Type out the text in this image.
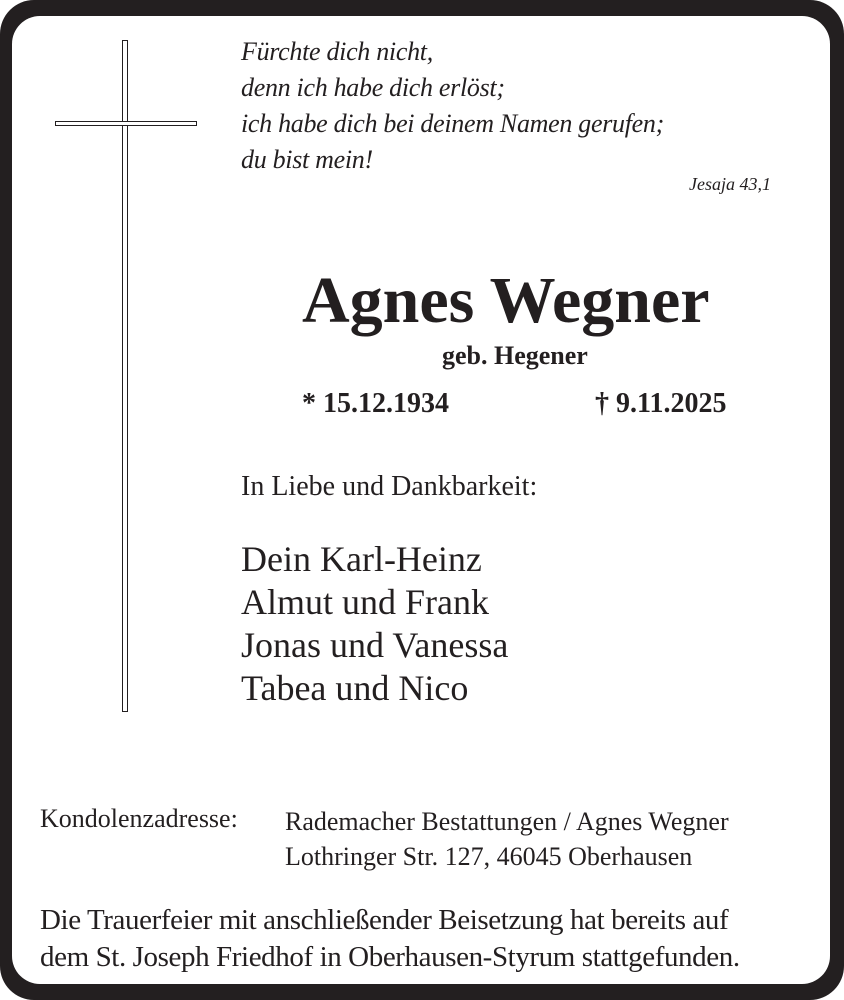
Fürchte dich nicht,
denn ich habe dich erlöst;
ich habe dich bei deinem Namen gerufen;
du bist mein!
Jesaja 43,1
Agnes Wegner
geb. Hegener
* 15.12.1934	† 9.11.2025
In Liebe und Dankbarkeit:
Dein Karl-Heinz
Almut und Frank
Jonas und Vanessa
Tabea und Nico
Kondolenzadresse: Rademacher Bestattungen / Agnes Wegner
Lothringer Str. 127, 46045 Oberhausen
Die Trauerfeier mit anschließender Beisetzung hat bereits auf
dem St. Joseph Friedhof in Oberhausen-Styrum stattgefunden.
